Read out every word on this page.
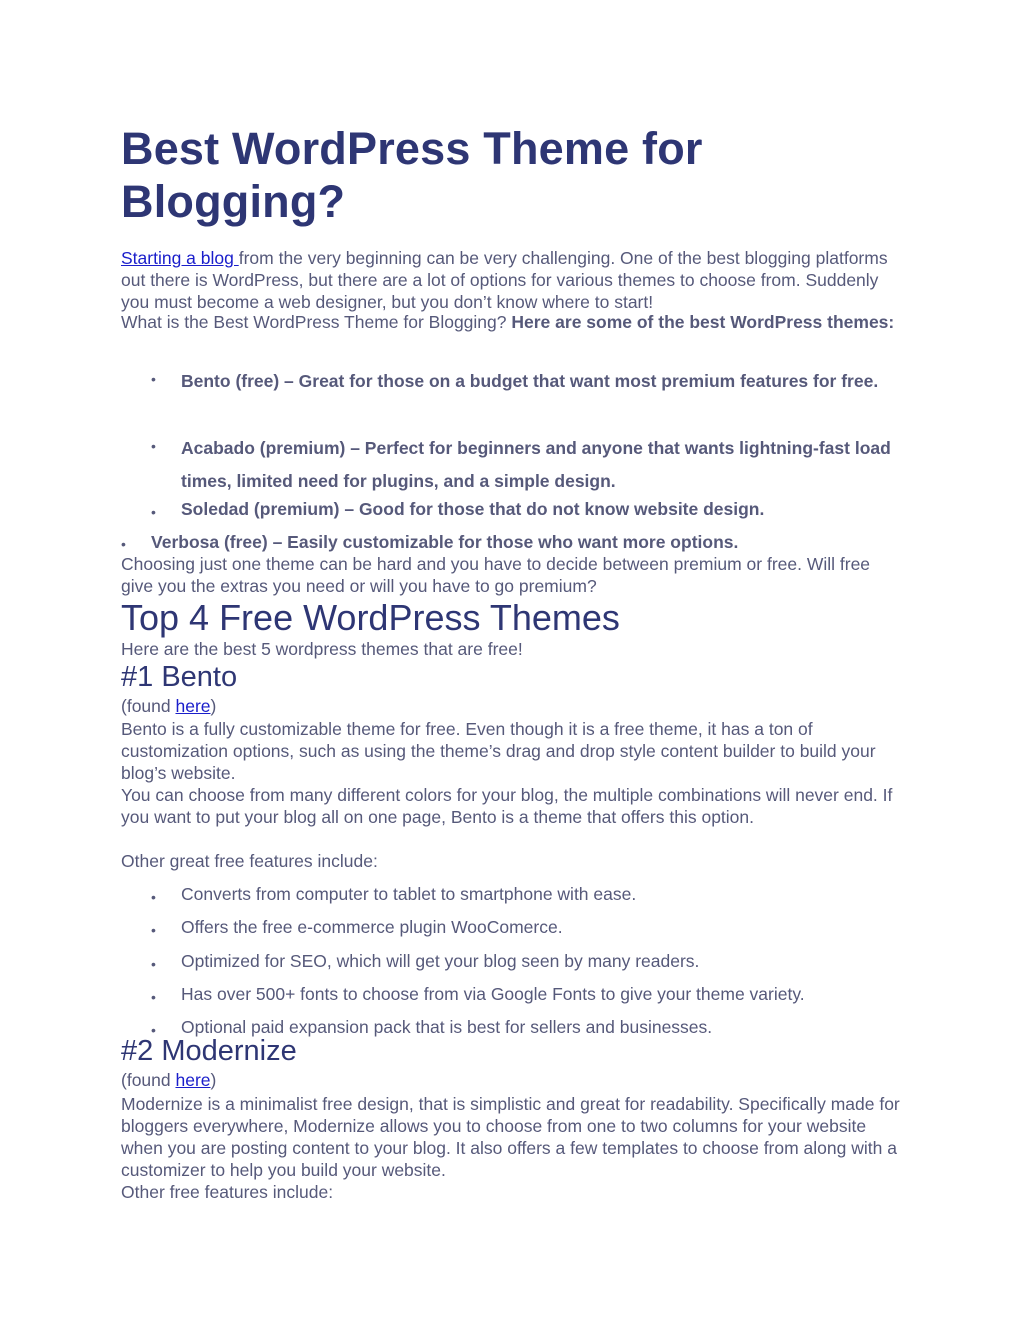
Best WordPress Theme for Blogging?

Starting a blog from the very beginning can be very challenging. One of the best blogging platforms out there is WordPress, but there are a lot of options for various themes to choose from. Suddenly you must become a web designer, but you don’t know where to start!

What is the Best WordPress Theme for Blogging? Here are some of the best WordPress themes:

• Bento (free) – Great for those on a budget that want most premium features for free.

• Acabado (premium) – Perfect for beginners and anyone that wants lightning-fast load times, limited need for plugins, and a simple design.

• Soledad (premium) – Good for those that do not know website design.

• Verbosa (free) – Easily customizable for those who want more options.

Choosing just one theme can be hard and you have to decide between premium or free. Will free give you the extras you need or will you have to go premium?

Top 4 Free WordPress Themes

Here are the best 5 wordpress themes that are free!

#1 Bento

(found here)

Bento is a fully customizable theme for free. Even though it is a free theme, it has a ton of customization options, such as using the theme’s drag and drop style content builder to build your blog’s website.

You can choose from many different colors for your blog, the multiple combinations will never end. If you want to put your blog all on one page, Bento is a theme that offers this option.

Other great free features include:

• Converts from computer to tablet to smartphone with ease.

• Offers the free e-commerce plugin WooComerce.

• Optimized for SEO, which will get your blog seen by many readers.

• Has over 500+ fonts to choose from via Google Fonts to give your theme variety.

• Optional paid expansion pack that is best for sellers and businesses.

#2 Modernize

(found here)

Modernize is a minimalist free design, that is simplistic and great for readability. Specifically made for bloggers everywhere, Modernize allows you to choose from one to two columns for your website when you are posting content to your blog. It also offers a few templates to choose from along with a customizer to help you build your website.

Other free features include:
